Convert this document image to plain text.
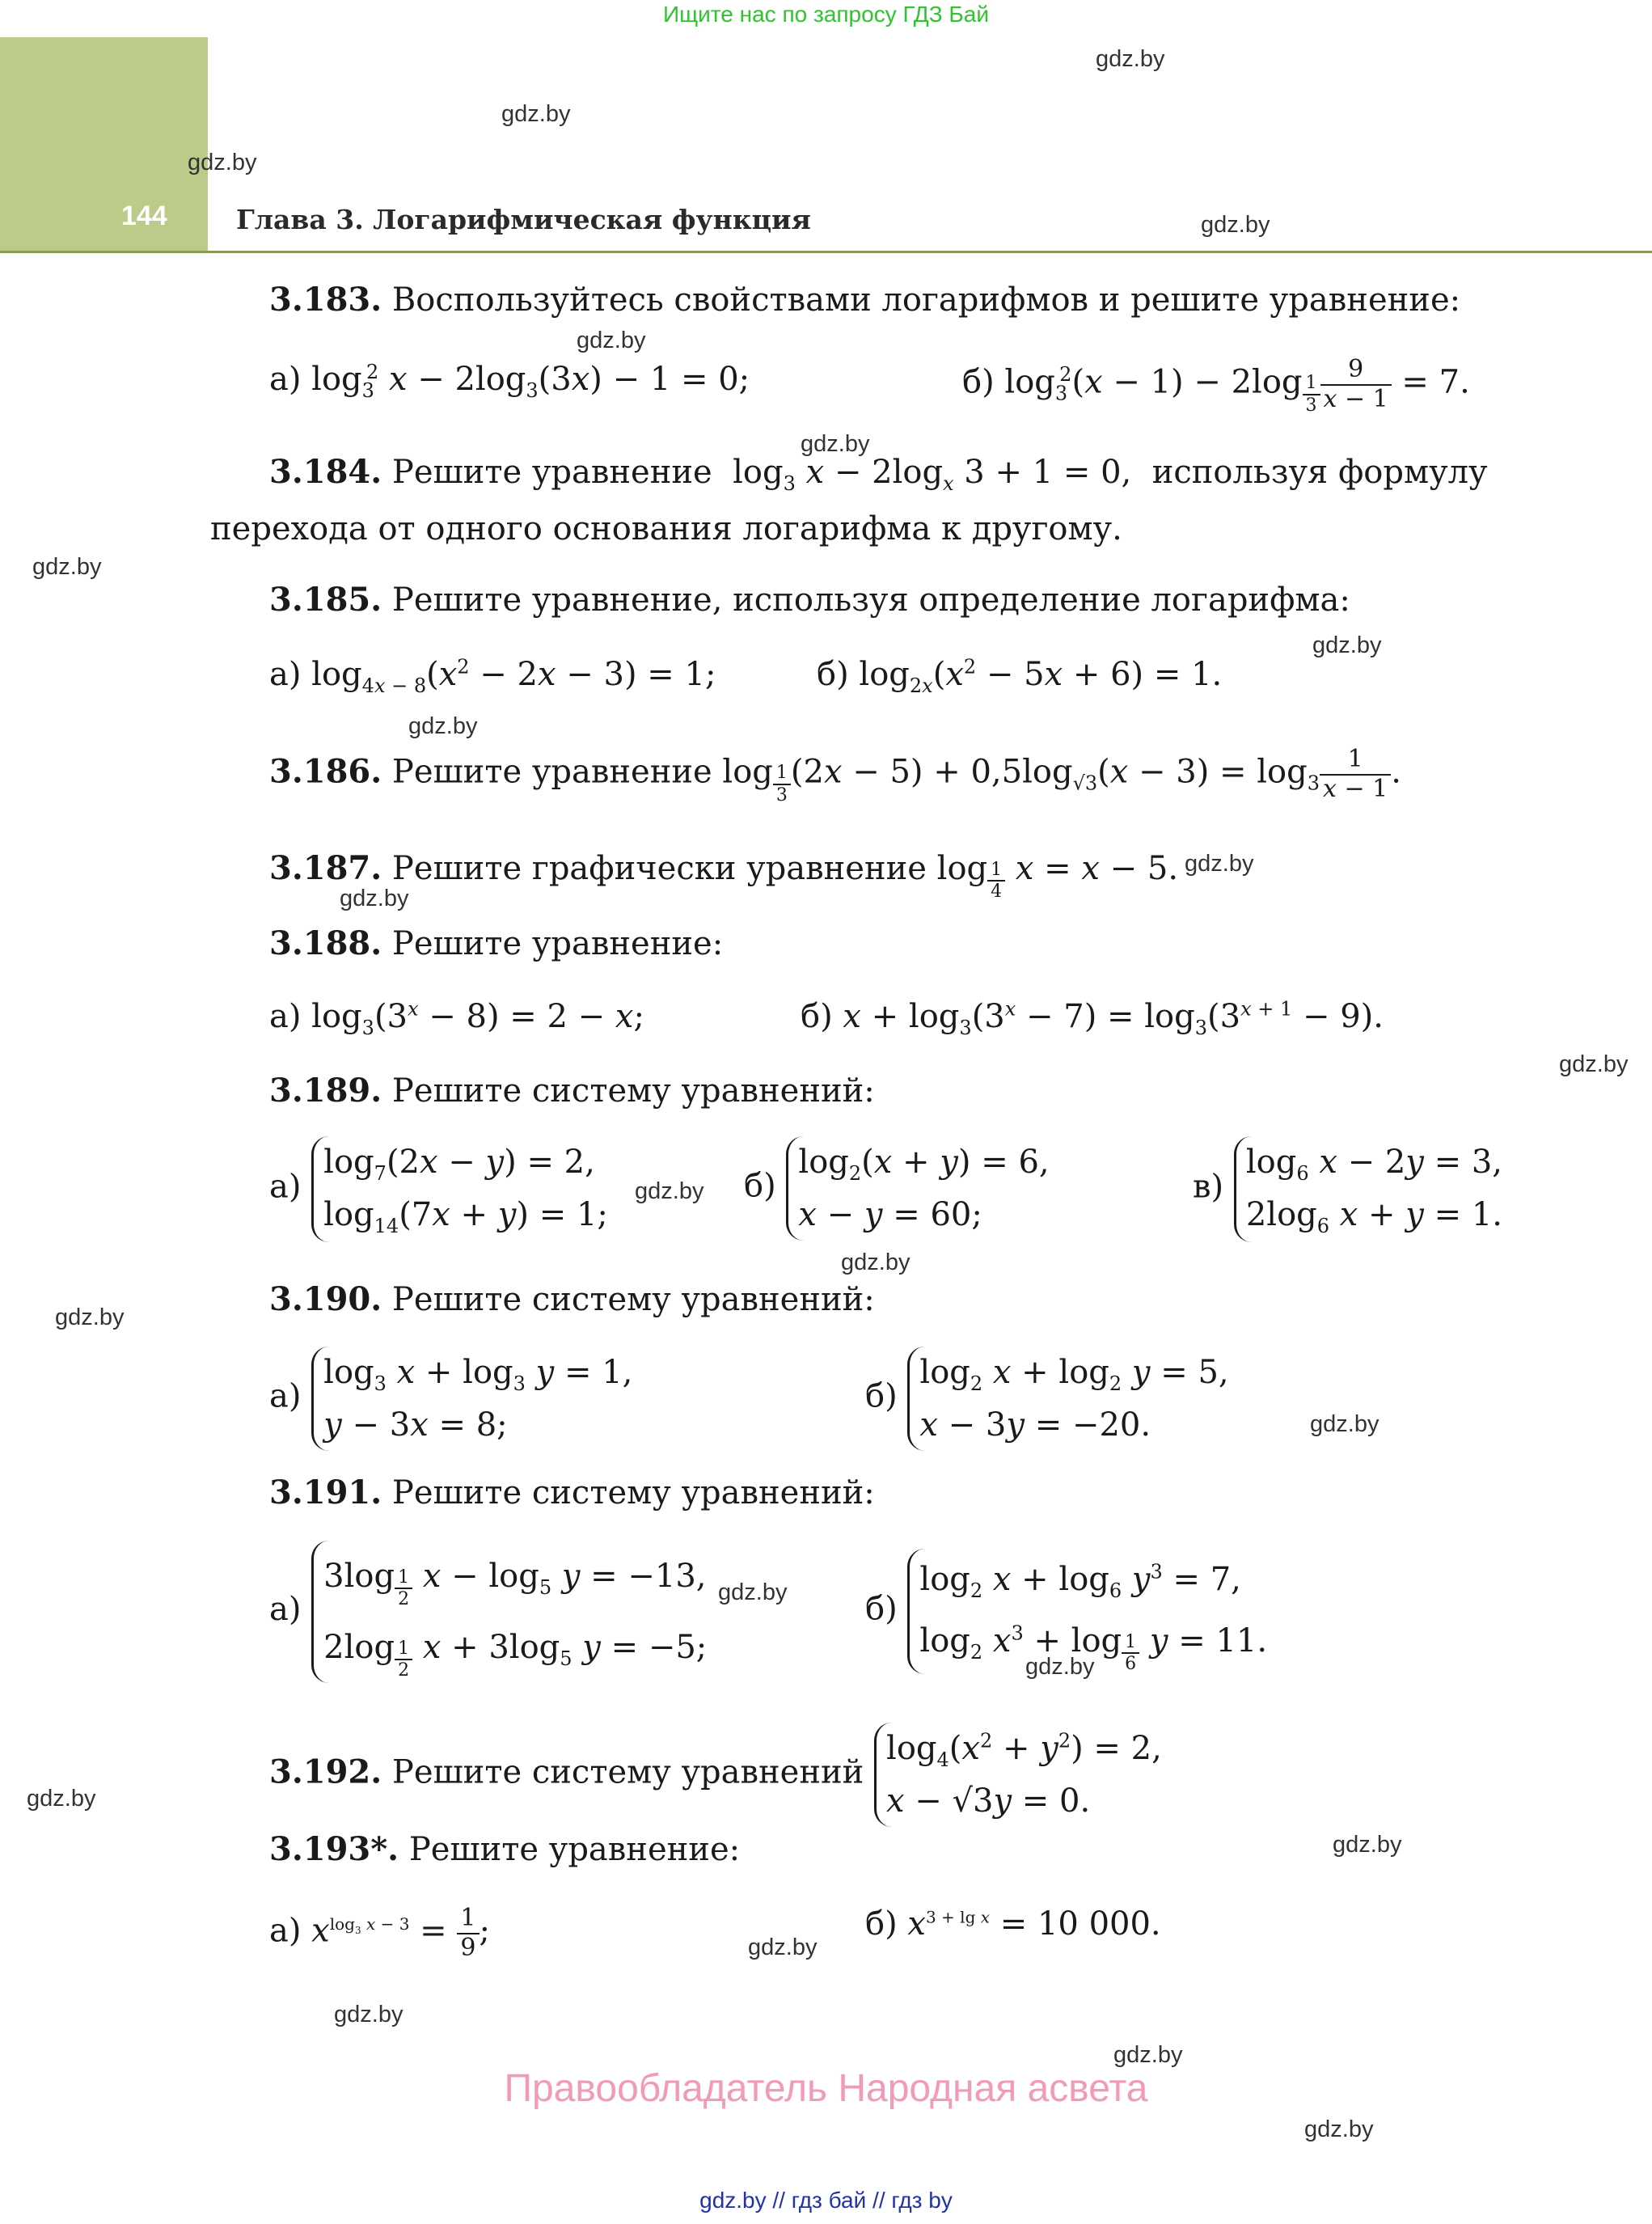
Ищите нас по запросу ГДЗ Бай
144	Глава 3. Логарифмическая функция
gdz.by
gdz.by
gdz.by
gdz.by
gdz.by
gdz.by
gdz.by
gdz.by
gdz.by
gdz.by
gdz.by
gdz.by
gdz.by
gdz.by
gdz.by
gdz.by
gdz.by
gdz.by
gdz.by
gdz.by
gdz.by
gdz.by
gdz.by
gdz.by
3.183. Воспользуйтесь свойствами логарифмов и решите уравнение:
а) $\log_3^2 x - 2\log_3(3x) - 1 = 0$;	б) $\log_3^2(x - 1) - 2\log \frac{1}{3} \frac{9}{x - 1} = 7$.
3.184. Решите уравнение  $\log_3 x - 2\log_x$ 3 + 1 = 0,  используя формулу
перехода от одного основания логарифма к другому.
3.185. Решите уравнение, используя определение логарифма:
а) $\log_{4x - 8}(x^2 - 2x - 3) = 1$;	б) $\log_{2x}(x^2 - 5x + 6) = 1$.
3.186. Решите уравнение $\log \frac{1}{3} (2x - 5) + 0,5\log_{√3}(x - 3) = \log_3 \frac{1}{x - 1}$ .
3.187. Решите графически уравнение $\log \frac{1}{4}$ x = x − 5.
3.188. Решите уравнение:
а) $\log_3(3^x - 8) = 2 - x$;	б) $x + \log_3(3^x - 7) = \log_3(3^{x + 1} - 9)$.
3.189. Решите систему уравнений:
а) $\log_7(2x - y) = 2$,
$\log_{14}(7x + y) = 1$;
б) $\log_2(x + y) = 6$,
x − y = 60;
в) $\log_6 x - 2y = 3$,
$2\log_6$ x + y = 1.
3.190. Решите систему уравнений:
а) $\log_3 x + \log_3 y = 1$,
y − 3x = 8;
б) $\log_2 x + \log_2 y = 5$,
x − 3y = −20.
3.191. Решите систему уравнений:
а) $3\log \frac{1}{2}$ $x - \log_5 y = -13$,
$2\log \frac{1}{2}$ $x + 3\log_5$ y = −5;
б) $\log_2 x + \log_6 y^3 = 7$,
$\log_2 x^3 + \log \frac{1}{6}$ y = 11.
3.192. Решите систему уравнений $\log_4(x^2 + y^2) = 2$,
x − √3y = 0.
3.193*. Решите уравнение:
а) $x^{log_3 x - 3} = \frac{1}{9}$ ;	б) $x^{3 + lg x} = 10$ 000.
Правообладатель Народная асвета
gdz.by // гдз бай // гдз by
